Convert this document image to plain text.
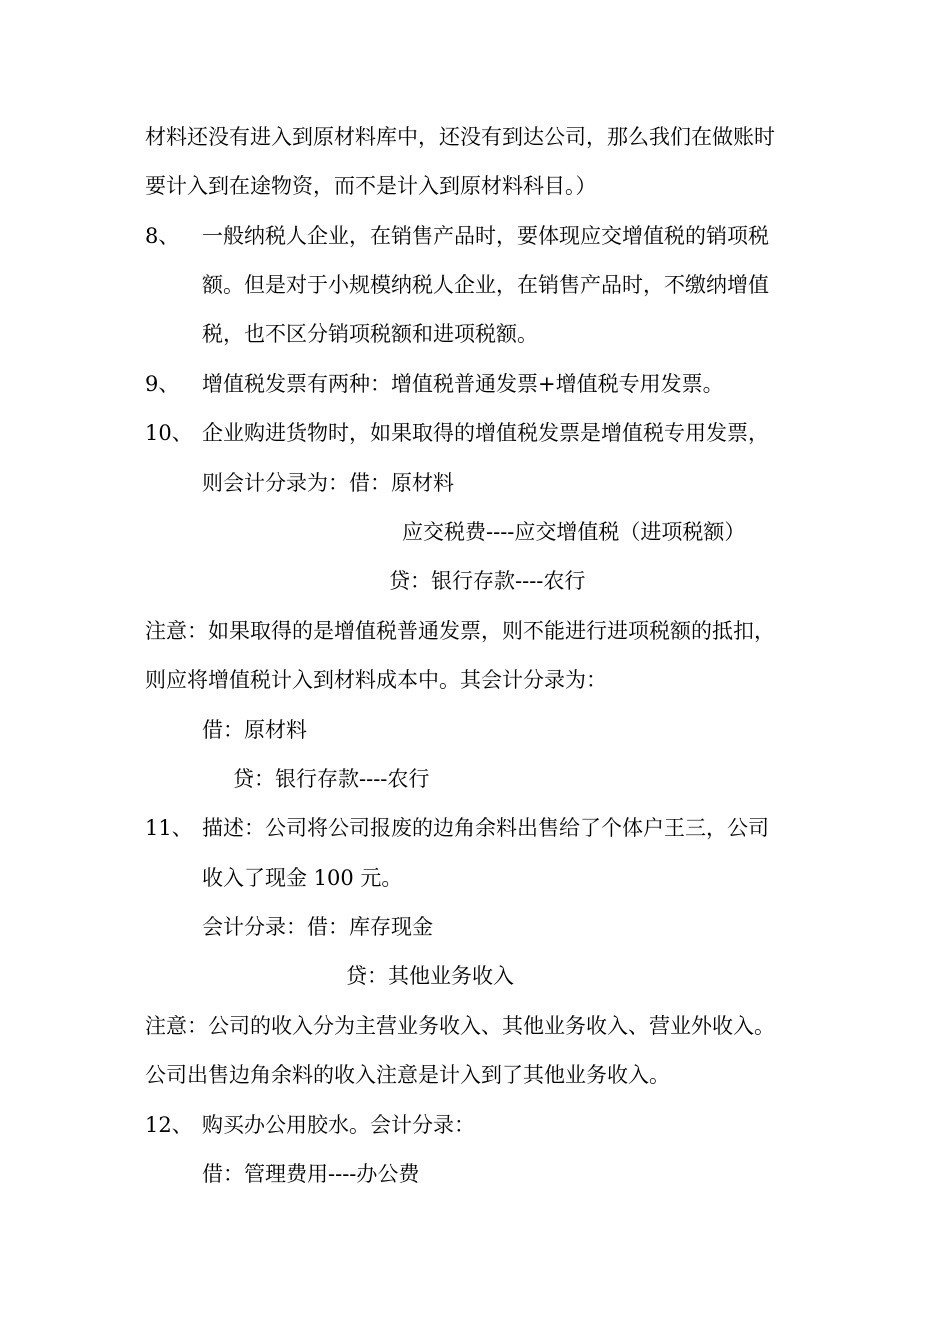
材料还没有进入到原材料库中，还没有到达公司，那么我们在做账时
要计入到在途物资，而不是计入到原材料科目。）
8、 一般纳税人企业，在销售产品时，要体现应交增值税的销项税
额。但是对于小规模纳税人企业，在销售产品时，不缴纳增值
税，也不区分销项税额和进项税额。
9、 增值税发票有两种：增值税普通发票+增值税专用发票。
10、 企业购进货物时，如果取得的增值税发票是增值税专用发票，
则会计分录为：借：原材料
应交税费----应交增值税（进项税额）
贷：银行存款----农行
注意：如果取得的是增值税普通发票，则不能进行进项税额的抵扣，
则应将增值税计入到材料成本中。其会计分录为：
借：原材料
贷：银行存款----农行
11、 描述：公司将公司报废的边角余料出售给了个体户王三，公司
收入了现金 100 元。
会计分录：借：库存现金
贷：其他业务收入
注意：公司的收入分为主营业务收入、其他业务收入、营业外收入。
公司出售边角余料的收入注意是计入到了其他业务收入。
12、 购买办公用胶水。会计分录：
借：管理费用----办公费
